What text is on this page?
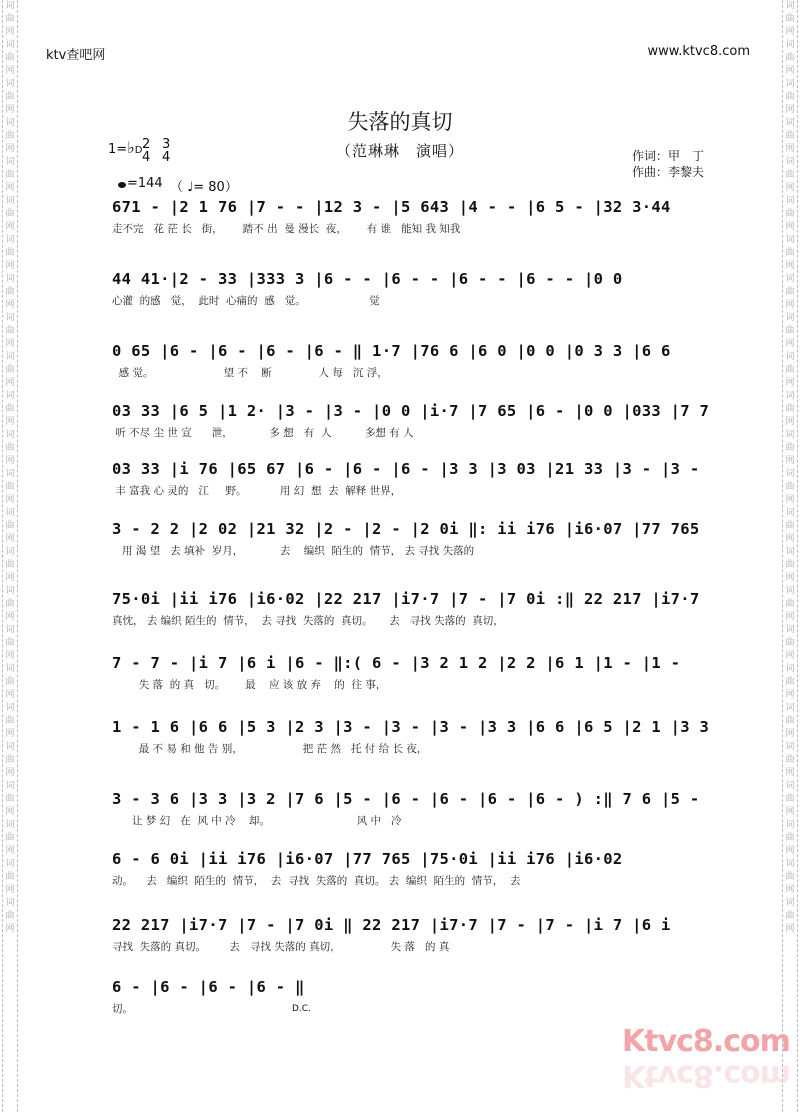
词曲网词曲网词曲网词曲网词曲网词曲网词曲网词曲网词曲网词曲网词曲网词曲网词曲网词曲网词曲网词曲网词曲网词曲网词曲网词曲网词曲网词曲网词曲网词曲网
词曲网词曲网词曲网词曲网词曲网词曲网词曲网词曲网词曲网词曲网词曲网词曲网词曲网词曲网词曲网词曲网词曲网词曲网词曲网词曲网词曲网词曲网词曲网词曲网
ktv查吧网	www.ktvc8.com
失落的真切
（范琳琳　演唱）	作词：甲　丁
作曲：李黎夫
1=♭D 2
4
3
4
=144 （ ♩= 80）
671 - |2 1 76 |7 - - |12 3 - |5 643 |4 - - |6 5 - |32 3·44
走不完   花 茫 长   街，      踏不 出  曼 漫长  夜，      有 谁   能知 我 知我
44 41·|2 - 33 |333 3 |6 - - |6 - - |6 - - |6 - - |0 0
心灌  的感   觉，  此时  心痛的  感   觉。                   觉
0 65 |6 - |6 - |6 - |6 - ‖ 1·7 |76 6 |6 0 |0 0 |0 3 3 |6 6
感 觉。                     望 不    断              人 每   沉 浮，
03 33 |6 5 |1 2· |3 - |3 - |0 0 |i·7 |7 65 |6 - |0 0 |033 |7 7
听 不尽 尘 世 宣      泄，           多 想   有  人          多想 有 人
03 33 |i 76 |65 67 |6 - |6 - |6 - |3 3 |3 03 |21 33 |3 - |3 -
丰 富我 心 灵的   江     野。          用 幻  想  去  解释 世界，
3 - 2 2 |2 02 |21 32 |2 - |2 - |2 0i ‖: ii i76 |i6·07 |77 765
用 渴 望   去 填补  岁月，           去    编织  陌生的  情节， 去 寻找 失落的
75·0i |ii i76 |i6·02 |22 217 |i7·7 |7 - |7 0i :‖ 22 217 |i7·7
真忱， 去 编织 陌生的  情节，  去 寻找  失落的  真切。     去   寻找 失落的  真切，
7 - 7 - |i 7 |6 i |6 - ‖:( 6 - |3 2 1 2 |2 2 |6 1 |1 - |1 -
失 落  的 真   切。      最    应 该 放 弃    的  往 事，
1 - 1 6 |6 6 |5 3 |2 3 |3 - |3 - |3 - |3 3 |6 6 |6 5 |2 1 |3 3
最 不 易 和 他 告 别，                  把 茫 然   托 付 给 长 夜，
3 - 3 6 |3 3 |3 2 |7 6 |5 - |6 - |6 - |6 - |6 - ) :‖ 7 6 |5 -
让 梦 幻   在  风 中 冷    却。                          风 中   冷
6 - 6 0i |ii i76 |i6·07 |77 765 |75·0i |ii i76 |i6·02
动。    去   编织  陌生的  情节，  去  寻找  失落的  真切。 去  编织  陌生的  情节，  去
22 217 |i7·7 |7 - |7 0i ‖ 22 217 |i7·7 |7 - |7 - |i 7 |6 i
寻找  失落的 真切。       去   寻找 失落的 真切，               失 落   的 真
6 - |6 - |6 - |6 - ‖
切。	D.C.
Ktvc8.com
Ktvc8.com
